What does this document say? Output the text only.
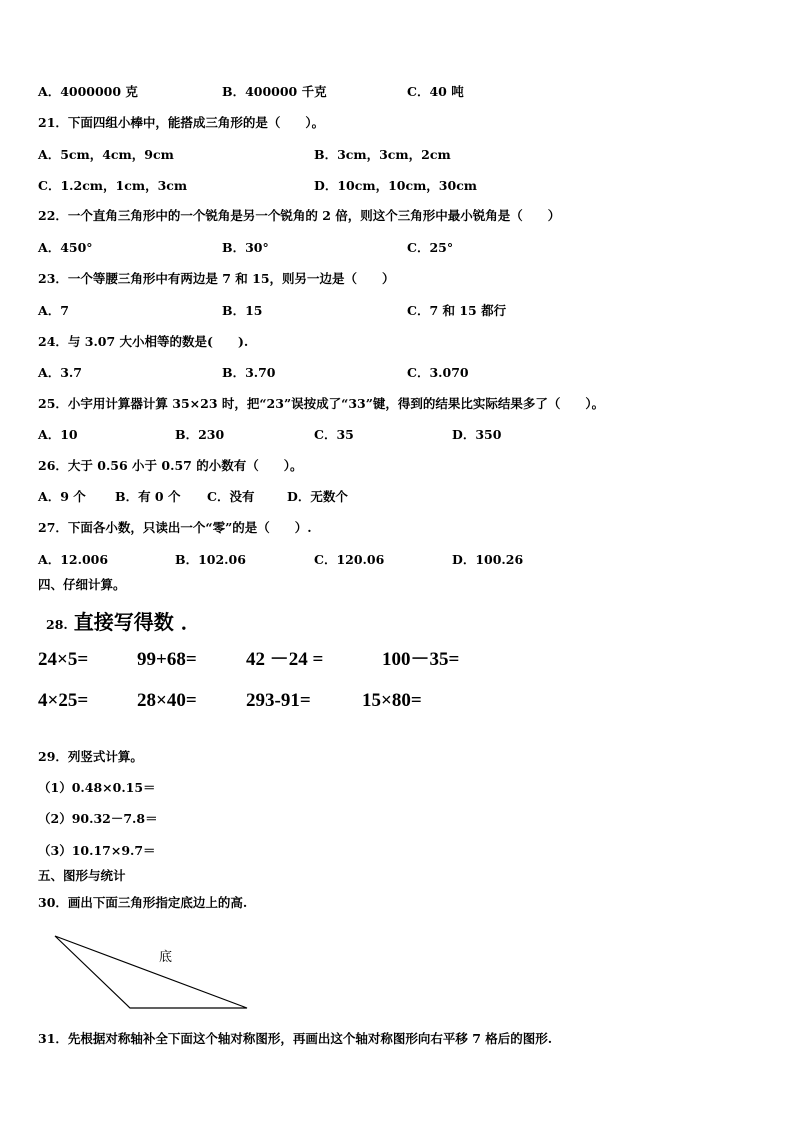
A．4000000 克	B．400000 千克	C．40 吨
21．下面四组小棒中，能搭成三角形的是（　　）。
A．5cm，4cm，9cm	B．3cm，3cm，2cm
C．1.2cm，1cm，3cm	D．10cm，10cm，30cm
22．一个直角三角形中的一个锐角是另一个锐角的 2 倍，则这个三角形中最小锐角是（　　）
A．450°	B．30°	C．25°
23．一个等腰三角形中有两边是 7 和 15，则另一边是（　　）
A．7	B．15	C．7 和 15 都行
24．与 3.07 大小相等的数是(　　).
A．3.7	B．3.70	C．3.070
25．小宇用计算器计算 35×23 时，把“23”误按成了“33”键，得到的结果比实际结果多了（　　）。
A．10	B．230	C．35	D．350
26．大于 0.56 小于 0.57 的小数有（　　）。
A．9 个 B．有 0 个 C．没有	D．无数个
27．下面各小数，只读出一个“零”的是（　　）.
A．12.006	B．102.06	C．120.06	D．100.26
四、仔细计算。
28. 直接写得数 ．
24×5=	99+68=	42 －24 =	100－35=
4×25=	28×40=	293-91=	15×80=
29．列竖式计算。
（1）0.48×0.15＝
（2）90.32－7.8＝
（3）10.17×9.7＝
五、图形与统计
30．画出下面三角形指定底边上的高.
底
31．先根据对称轴补全下面这个轴对称图形，再画出这个轴对称图形向右平移 7 格后的图形.
